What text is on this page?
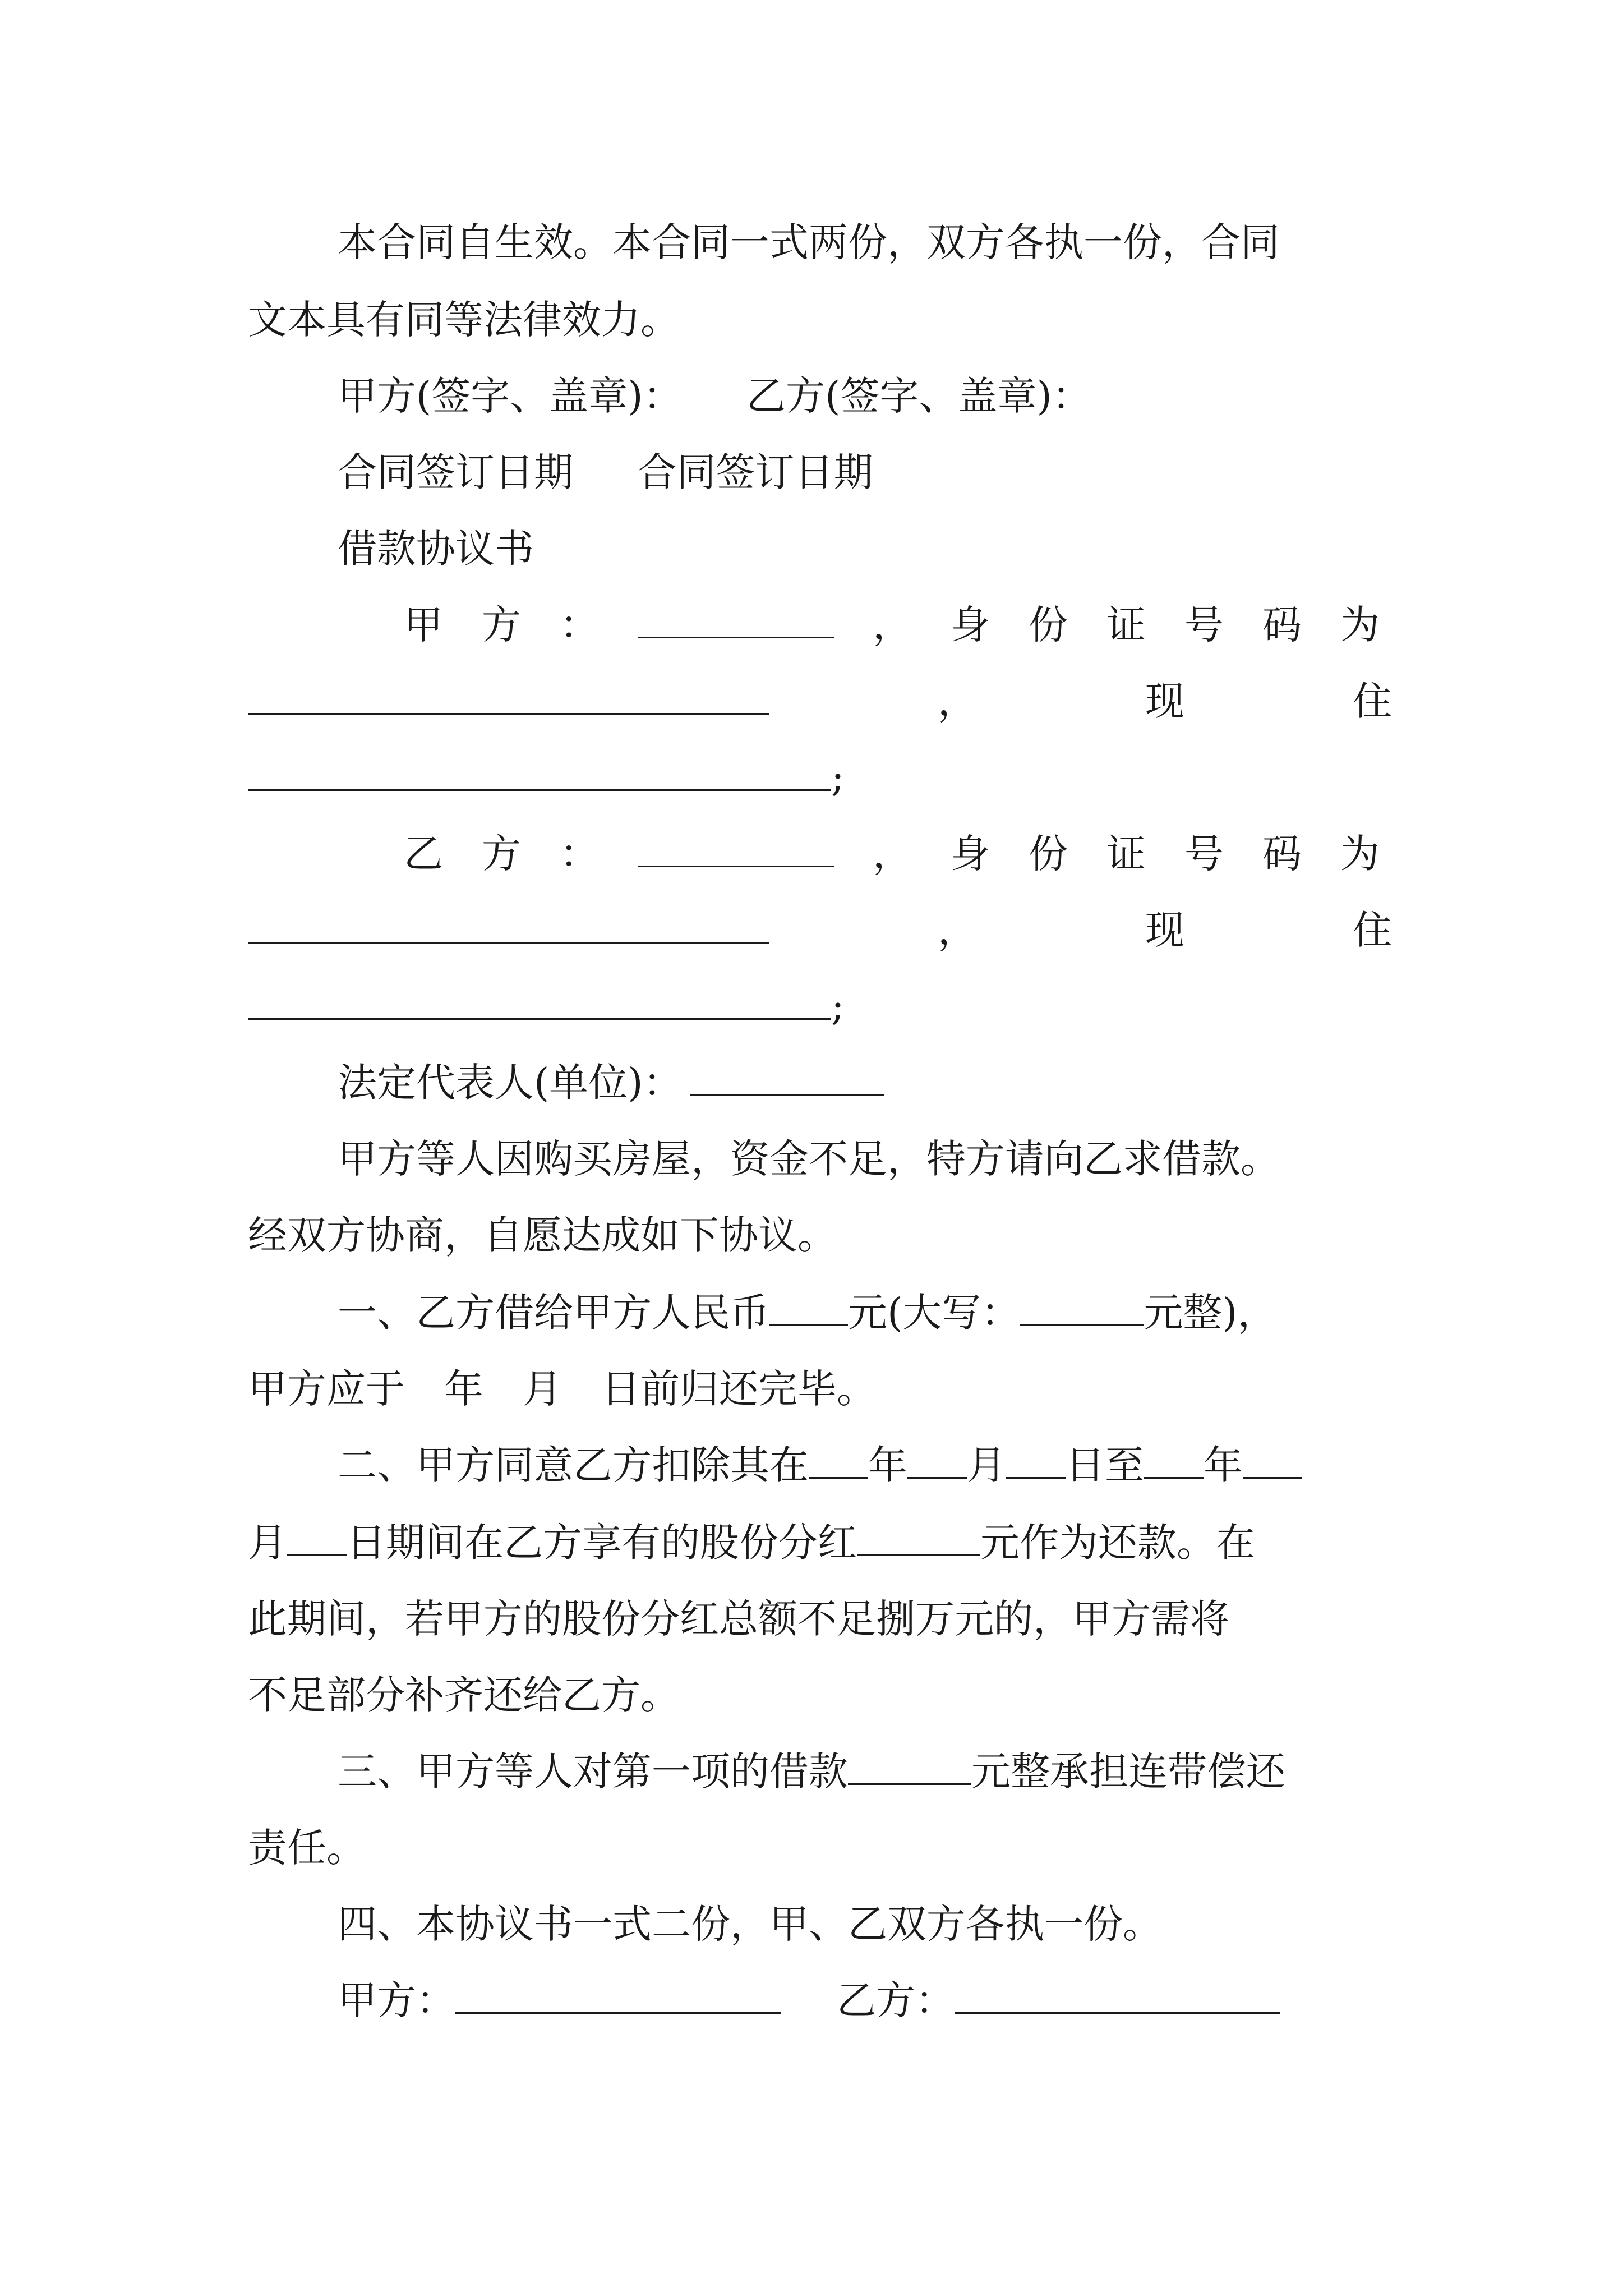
本合同自生效。本合同一式两份，双方各执一份，合同
文本具有同等法律效力。
甲方(签字、盖章)： 乙方(签字、盖章)：
合同签订日期 合同签订日期
借款协议书
甲 方 ：	， 身 份 证 号 码 为
，	现	住
;
乙 方 ：	， 身 份 证 号 码 为
，	现	住
;
法定代表人(单位)：
甲方等人因购买房屋，资金不足，特方请向乙求借款。
经双方协商，自愿达成如下协议。
一、乙方借给甲方人民币 元(大写：	元整)，
甲方应于　年　月　日前归还完毕。
二、甲方同意乙方扣除其在 年 月 日至 年
月 日期间在乙方享有的股份分红	元作为还款。在
此期间，若甲方的股份分红总额不足捌万元的，甲方需将
不足部分补齐还给乙方。
三、甲方等人对第一项的借款	元整承担连带偿还
责任。
四、本协议书一式二份，甲、乙双方各执一份。
甲方：	乙方：
